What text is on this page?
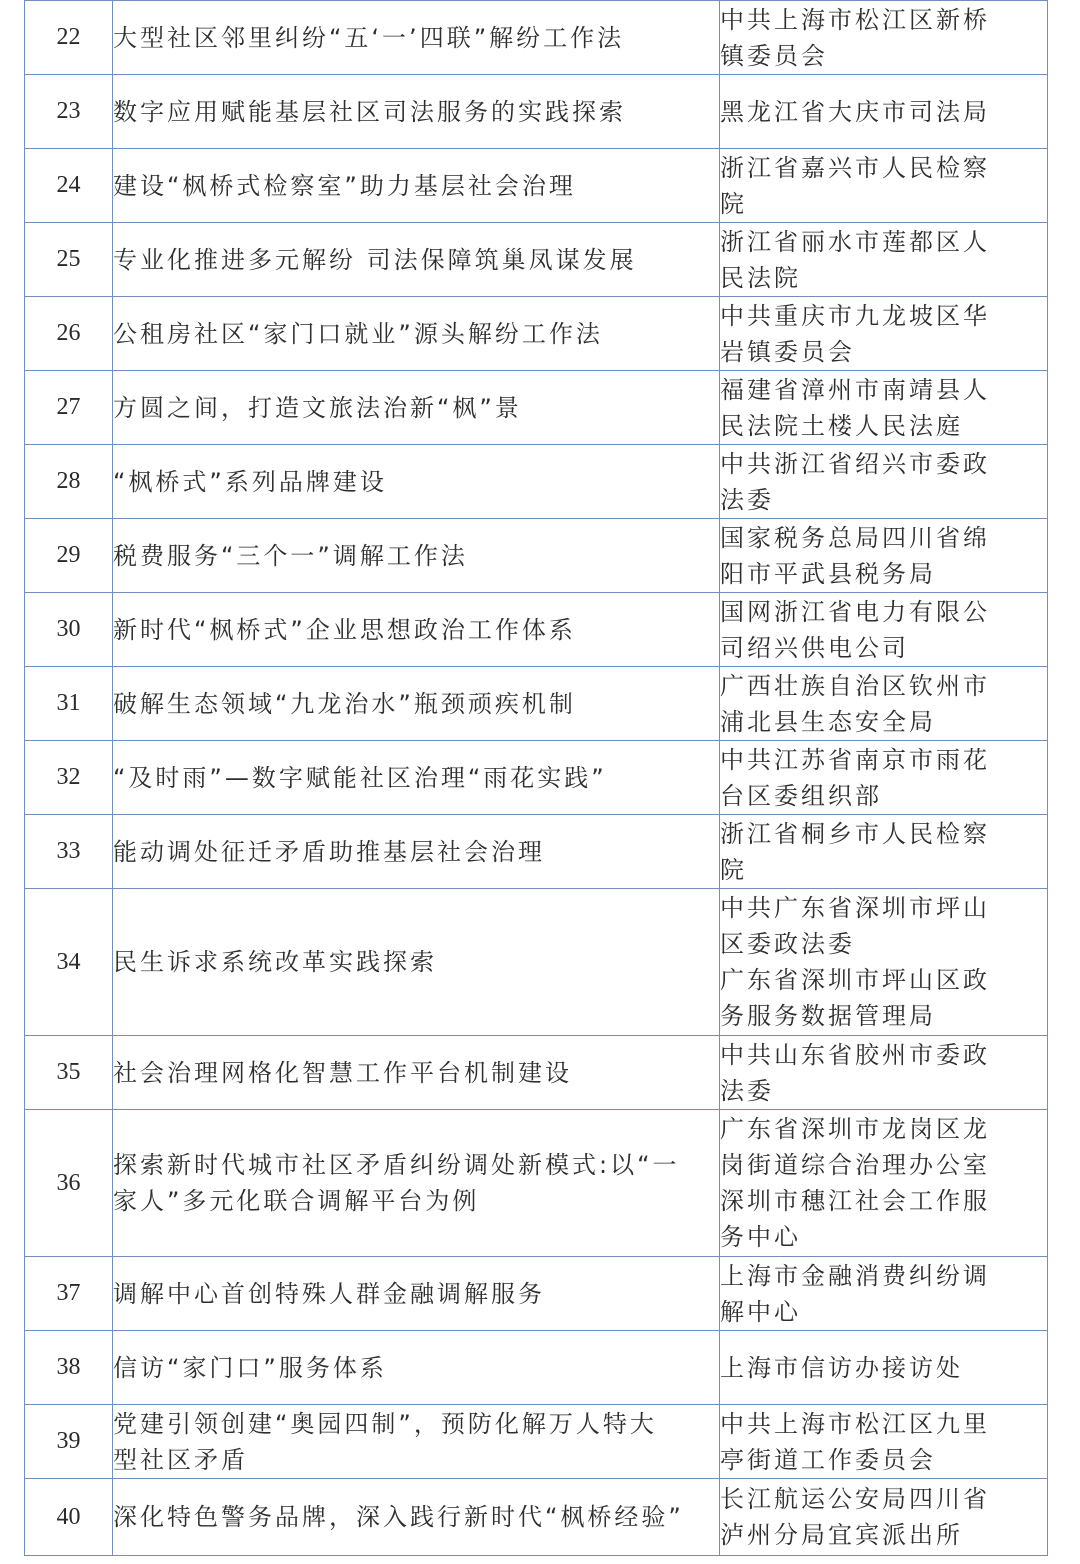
22	大型社区邻里纠纷“五‘一’四联”解纷工作法	中共上海市松江区新桥
镇委员会

23	数字应用赋能基层社区司法服务的实践探索	黑龙江省大庆市司法局

24	建设“枫桥式检察室”助力基层社会治理	浙江省嘉兴市人民检察
院

25	专业化推进多元解纷 司法保障筑巢凤谋发展	浙江省丽水市莲都区人
民法院

26	公租房社区“家门口就业”源头解纷工作法	中共重庆市九龙坡区华
岩镇委员会

27	方圆之间，打造文旅法治新“枫”景	福建省漳州市南靖县人
民法院土楼人民法庭

28	“枫桥式”系列品牌建设	中共浙江省绍兴市委政
法委

29	税费服务“三个一”调解工作法	国家税务总局四川省绵
阳市平武县税务局

30	新时代“枫桥式”企业思想政治工作体系	国网浙江省电力有限公
司绍兴供电公司

31	破解生态领域“九龙治水”瓶颈顽疾机制	广西壮族自治区钦州市
浦北县生态安全局

32	“及时雨”—数字赋能社区治理“雨花实践”	中共江苏省南京市雨花
台区委组织部

33	能动调处征迁矛盾助推基层社会治理	浙江省桐乡市人民检察
院

34	民生诉求系统改革实践探索	中共广东省深圳市坪山
区委政法委
广东省深圳市坪山区政
务服务数据管理局

35	社会治理网格化智慧工作平台机制建设	中共山东省胶州市委政
法委

36	探索新时代城市社区矛盾纠纷调处新模式:以“一
家人”多元化联合调解平台为例	广东省深圳市龙岗区龙
岗街道综合治理办公室
深圳市穗江社会工作服
务中心

37	调解中心首创特殊人群金融调解服务	上海市金融消费纠纷调
解中心

38	信访“家门口”服务体系	上海市信访办接访处

39	党建引领创建“奥园四制”，预防化解万人特大
型社区矛盾	中共上海市松江区九里
亭街道工作委员会

40	深化特色警务品牌，深入践行新时代“枫桥经验”	长江航运公安局四川省
泸州分局宜宾派出所
